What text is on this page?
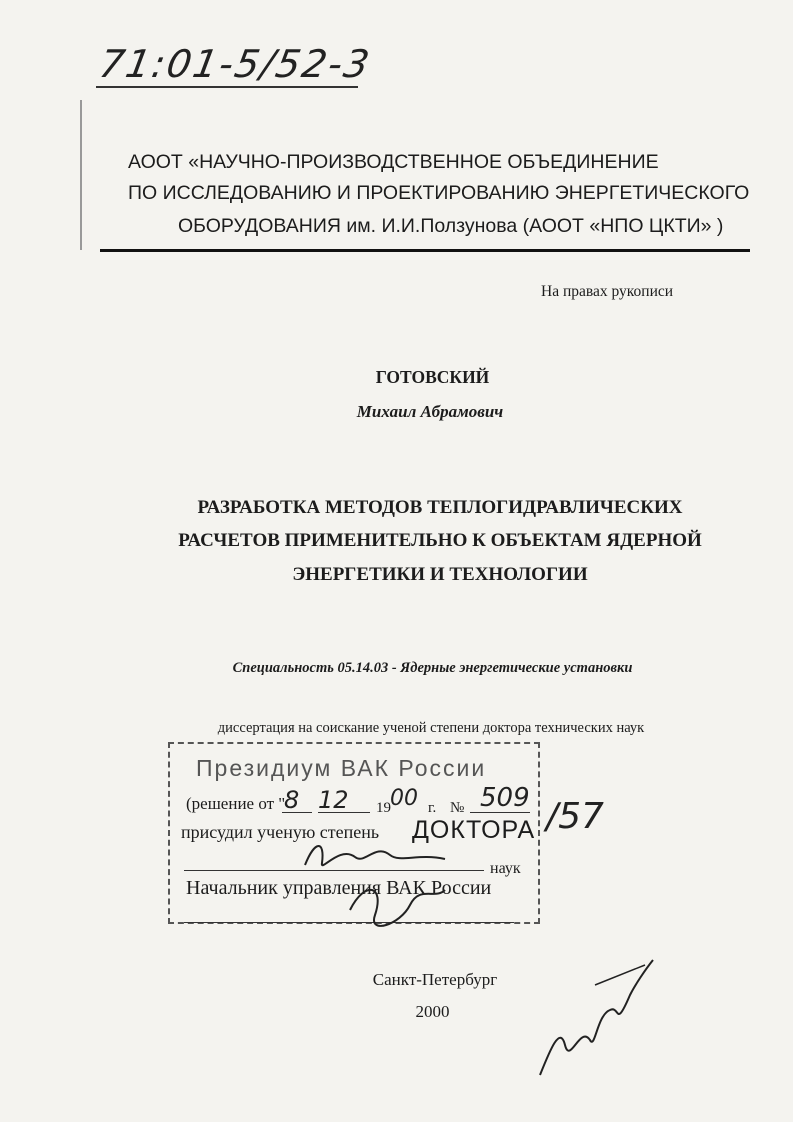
71:01-5/52-3
АООТ «НАУЧНО-ПРОИЗВОДСТВЕННОЕ ОБЪЕДИНЕНИЕ
ПО ИССЛЕДОВАНИЮ И ПРОЕКТИРОВАНИЮ ЭНЕРГЕТИЧЕСКОГО
ОБОРУДОВАНИЯ им. И.И.Ползунова (АООТ «НПО ЦКТИ» )
На правах рукописи
ГОТОВСКИЙ
Михаил Абрамович
РАЗРАБОТКА МЕТОДОВ ТЕПЛОГИДРАВЛИЧЕСКИХ
РАСЧЕТОВ ПРИМЕНИТЕЛЬНО К ОБЪЕКТАМ ЯДЕРНОЙ
ЭНЕРГЕТИКИ И ТЕХНОЛОГИИ
Специальность 05.14.03 - Ядерные энергетические установки
диссертация на соискание ученой степени доктора технических наук
Президиум ВАК России
(решение от "
8 12 19 00 г. № 509 /57
присудил ученую степень ДОКТОРА
наук
Начальник управления ВАК России
Санкт-Петербург
2000
